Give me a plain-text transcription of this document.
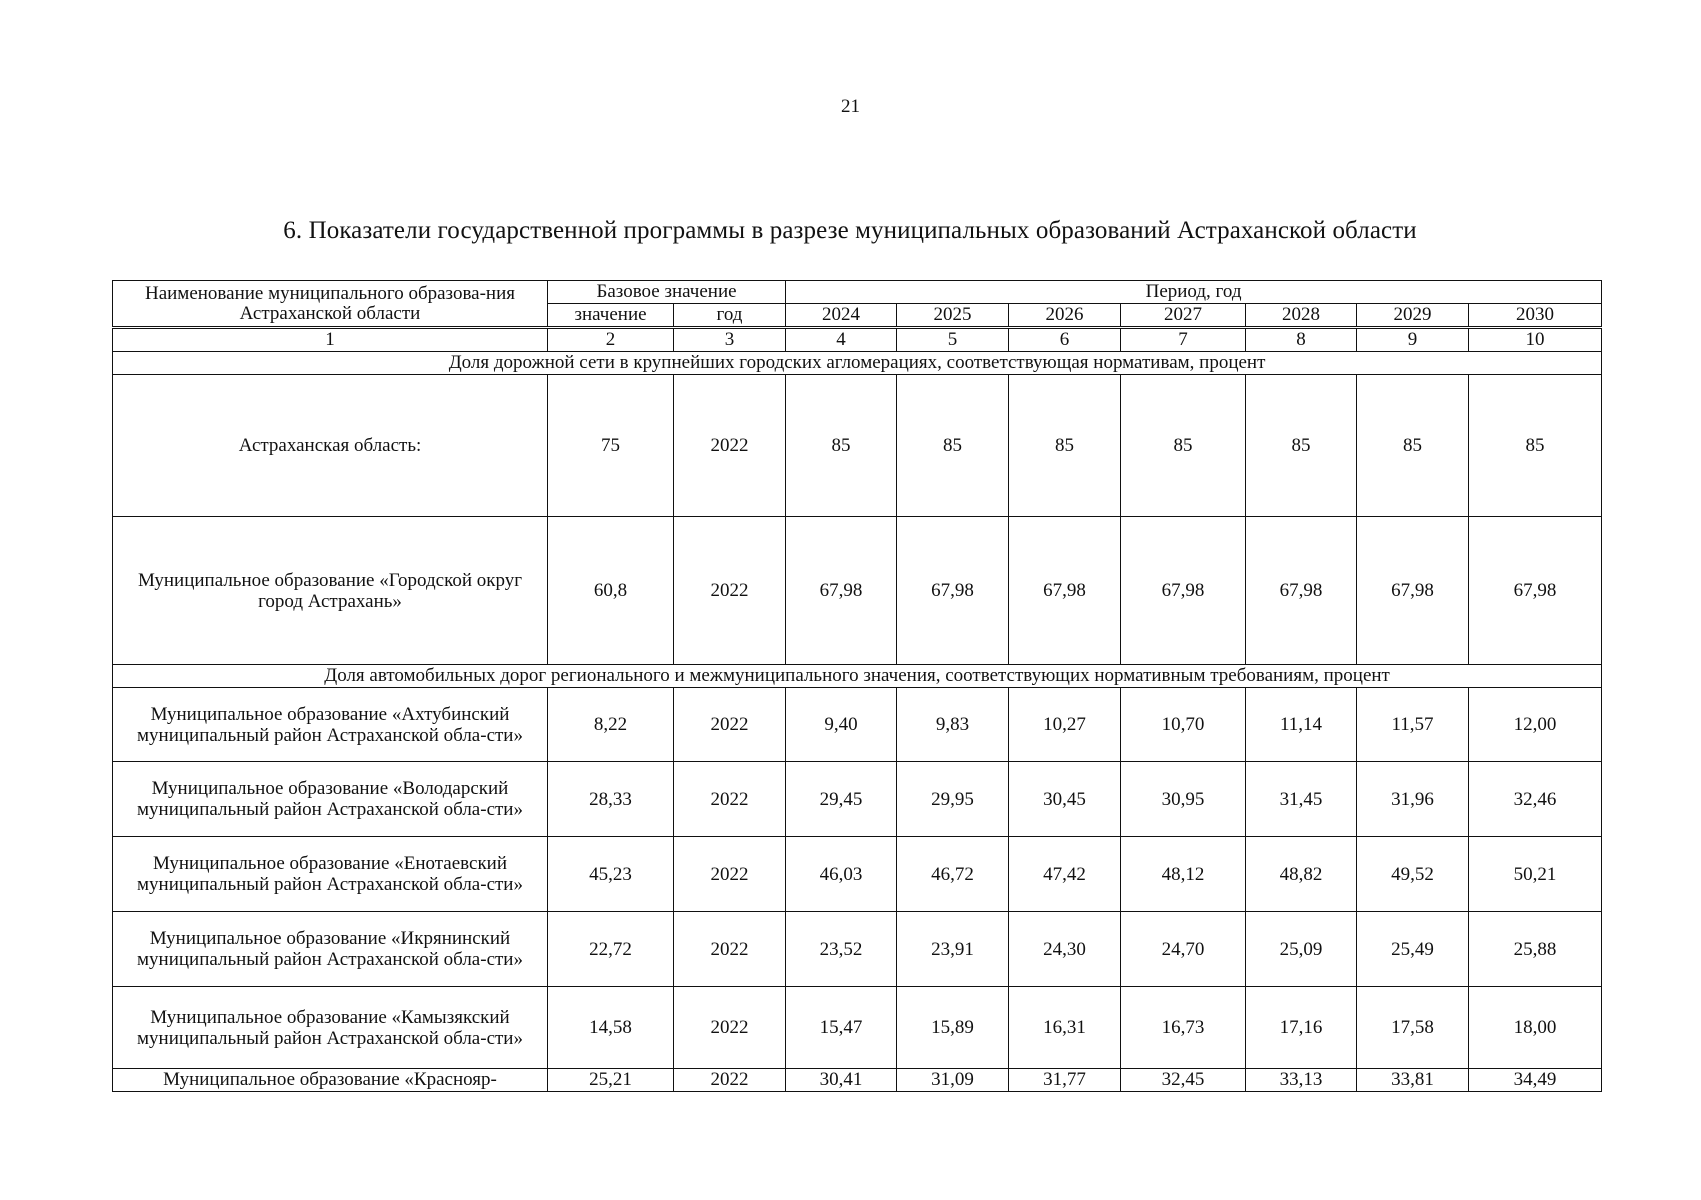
21
6. Показатели государственной программы в разрезе муниципальных образований Астраханской области
Наименование муниципального образова-ния Астраханской области	Базовое значение		Период, год						
	значение	год	2024	2025	2026	2027	2028	2029	2030
1	2	3	4	5	6	7	8	9	10
Доля дорожной сети в крупнейших городских агломерациях, соответствующая нормативам, процент									
Астраханская область:	75	2022	85	85	85	85	85	85	85
Муниципальное образование «Городской округ город Астрахань»	60,8	2022	67,98	67,98	67,98	67,98	67,98	67,98	67,98
Доля автомобильных дорог регионального и межмуниципального значения, соответствующих нормативным требованиям, процент									
Муниципальное образование «Ахтубинский муниципальный район Астраханской обла-сти»	8,22	2022	9,40	9,83	10,27	10,70	11,14	11,57	12,00
Муниципальное образование «Володарский муниципальный район Астраханской обла-сти»	28,33	2022	29,45	29,95	30,45	30,95	31,45	31,96	32,46
Муниципальное образование «Енотаевский муниципальный район Астраханской обла-сти»	45,23	2022	46,03	46,72	47,42	48,12	48,82	49,52	50,21
Муниципальное образование «Икрянинский муниципальный район Астраханской обла-сти»	22,72	2022	23,52	23,91	24,30	24,70	25,09	25,49	25,88
Муниципальное образование «Камызякский муниципальный район Астраханской обла-сти»	14,58	2022	15,47	15,89	16,31	16,73	17,16	17,58	18,00
Муниципальное образование «Краснояр-	25,21	2022	30,41	31,09	31,77	32,45	33,13	33,81	34,49
